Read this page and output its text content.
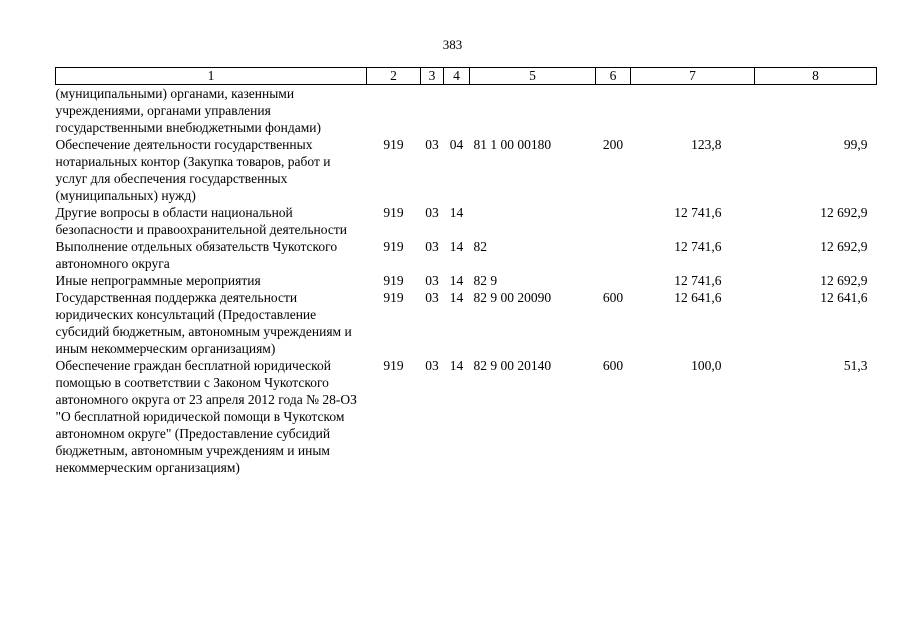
383
1	2	3	4	5	6	7	8
(муниципальными) органами, казенными учреждениями, органами управления государственными внебюджетными фондами)							
Обеспечение деятельности государственных нотариальных контор (Закупка товаров, работ и услуг для обеспечения государственных (муниципальных) нужд)	919	03	04	81 1 00 00180	200	123,8	99,9
Другие вопросы в области национальной безопасности и правоохранительной деятельности	919	03	14			12 741,6	12 692,9
Выполнение отдельных обязательств Чукотского автономного округа	919	03	14	82		12 741,6	12 692,9
Иные непрограммные мероприятия	919	03	14	82 9		12 741,6	12 692,9
Государственная поддержка деятельности юридических консультаций (Предоставление субсидий бюджетным, автономным учреждениям и иным некоммерческим организациям)	919	03	14	82 9 00 20090	600	12 641,6	12 641,6
Обеспечение граждан бесплатной юридической помощью в соответствии с Законом Чукотского автономного округа от 23 апреля 2012 года № 28-ОЗ "О бесплатной юридической помощи в Чукотском автономном округе" (Предоставление субсидий бюджетным, автономным учреждениям и иным некоммерческим организациям)	919	03	14	82 9 00 20140	600	100,0	51,3
